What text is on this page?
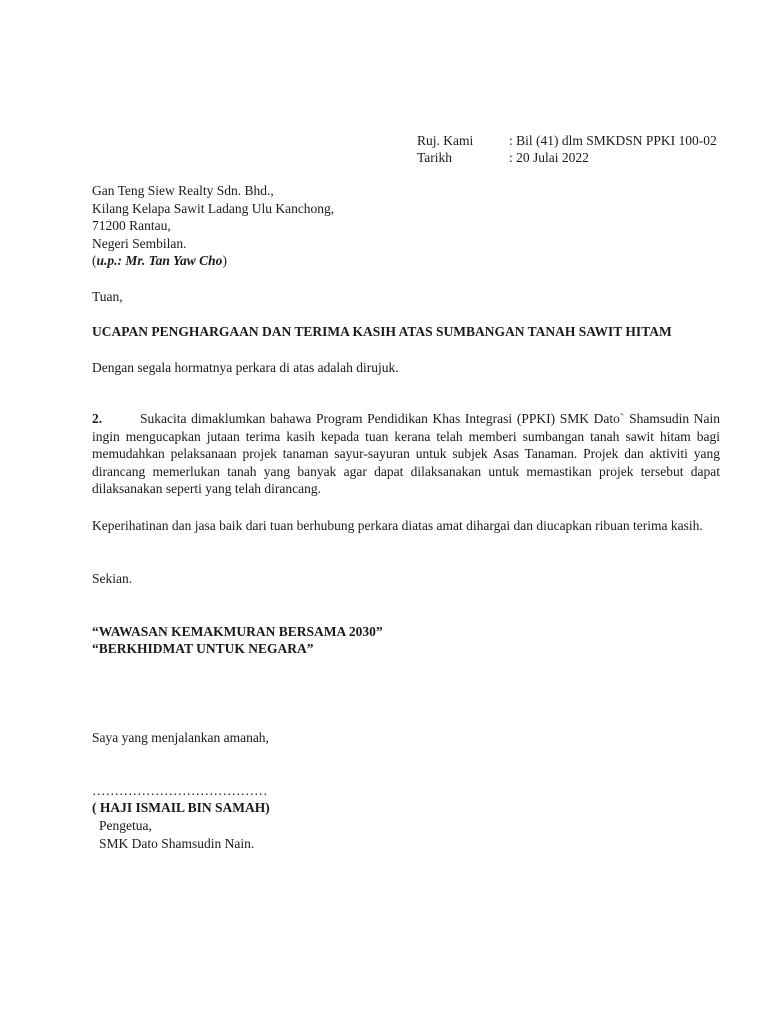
Ruj. Kami	: Bil (41) dlm SMKDSN PPKI 100-02
Tarikh	: 20 Julai 2022
Gan Teng Siew Realty Sdn. Bhd.,
Kilang Kelapa Sawit Ladang Ulu Kanchong,
71200 Rantau,
Negeri Sembilan.
(u.p.: Mr. Tan Yaw Cho)
Tuan,
UCAPAN PENGHARGAAN DAN TERIMA KASIH ATAS SUMBANGAN TANAH SAWIT HITAM
Dengan segala hormatnya perkara di atas adalah dirujuk.
2.	Sukacita dimaklumkan bahawa Program Pendidikan Khas Integrasi (PPKI) SMK Dato` Shamsudin Nain ingin mengucapkan jutaan terima kasih kepada tuan kerana telah memberi sumbangan tanah sawit hitam bagi memudahkan pelaksanaan projek tanaman sayur-sayuran untuk subjek Asas Tanaman. Projek dan aktiviti yang dirancang memerlukan tanah yang banyak agar dapat dilaksanakan untuk memastikan projek tersebut dapat dilaksanakan seperti yang telah dirancang.
Keperihatinan dan jasa baik dari tuan berhubung perkara diatas amat dihargai dan diucapkan ribuan terima kasih.
Sekian.
“WAWASAN KEMAKMURAN BERSAMA 2030”
“BERKHIDMAT UNTUK NEGARA”
Saya yang menjalankan amanah,
…………………………………
( HAJI ISMAIL BIN SAMAH)
Pengetua,
SMK Dato Shamsudin Nain.
